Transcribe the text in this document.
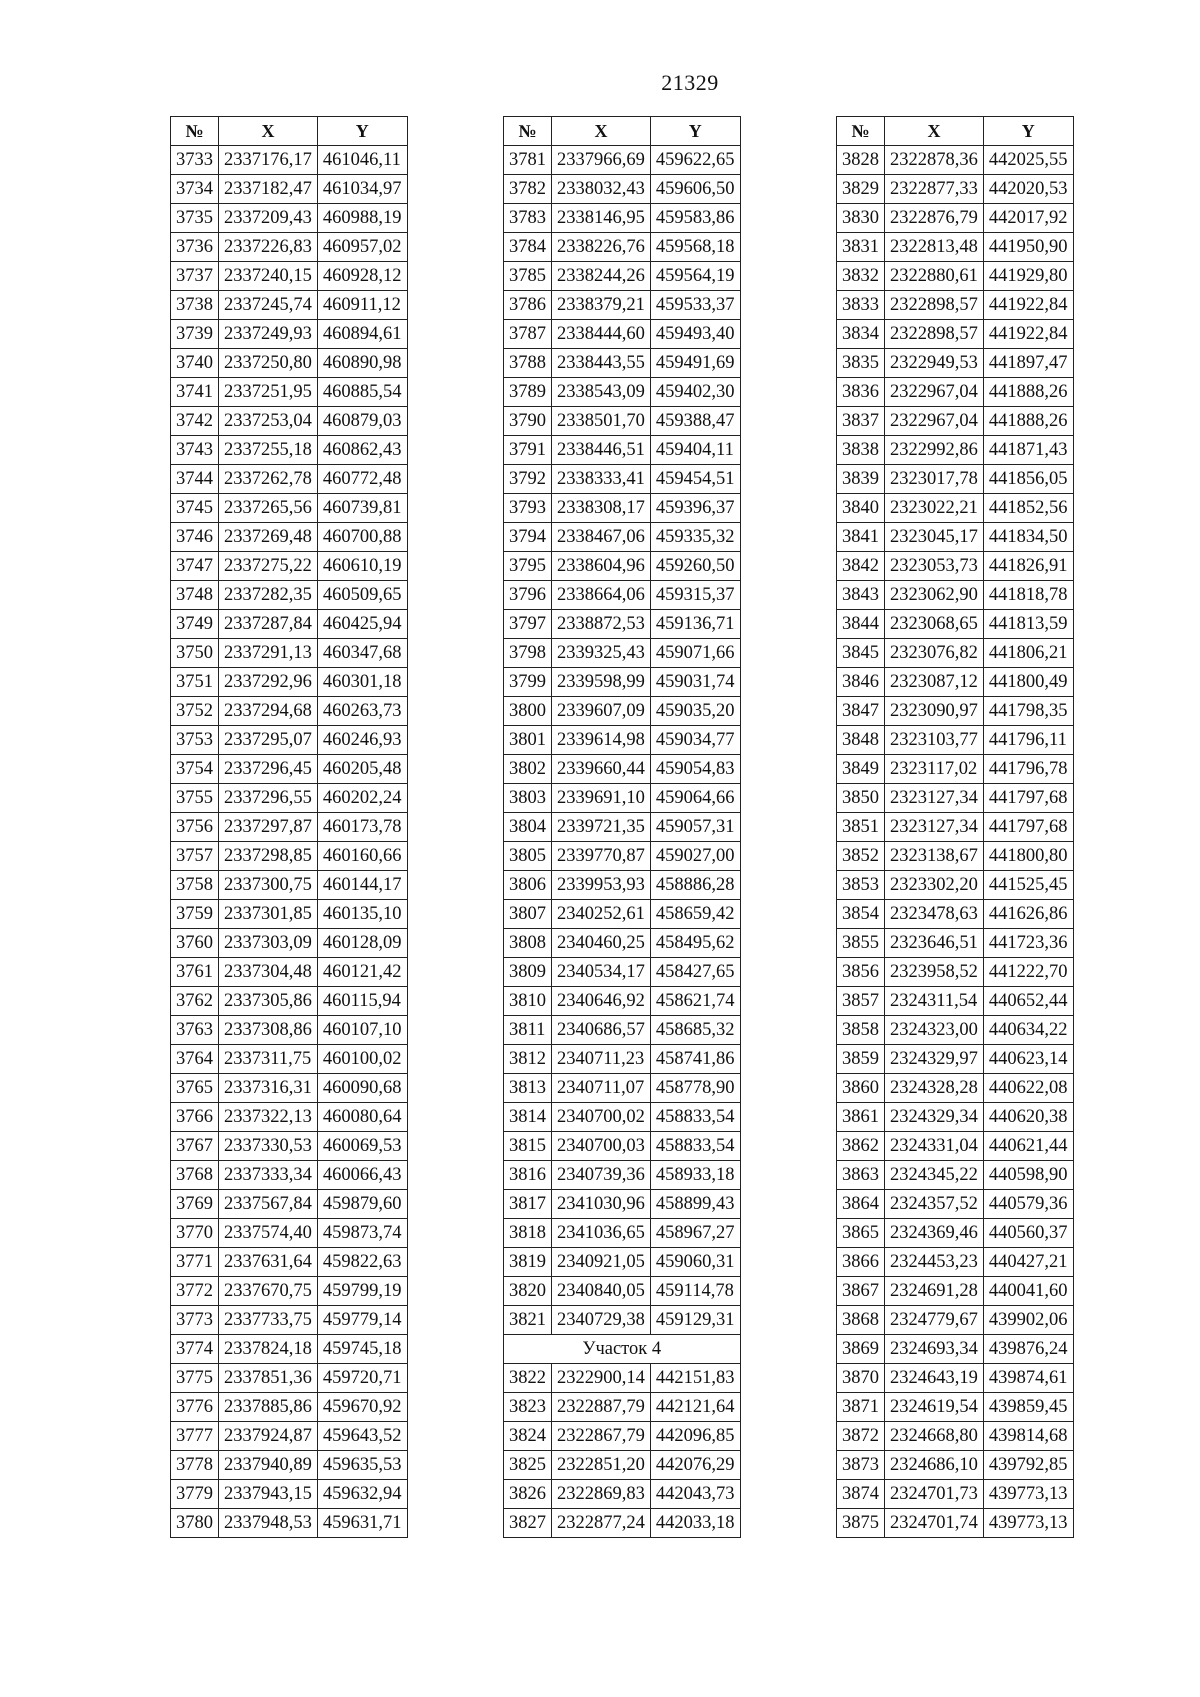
21329
№	X	Y
3733	2337176,17	461046,11
3734	2337182,47	461034,97
3735	2337209,43	460988,19
3736	2337226,83	460957,02
3737	2337240,15	460928,12
3738	2337245,74	460911,12
3739	2337249,93	460894,61
3740	2337250,80	460890,98
3741	2337251,95	460885,54
3742	2337253,04	460879,03
3743	2337255,18	460862,43
3744	2337262,78	460772,48
3745	2337265,56	460739,81
3746	2337269,48	460700,88
3747	2337275,22	460610,19
3748	2337282,35	460509,65
3749	2337287,84	460425,94
3750	2337291,13	460347,68
3751	2337292,96	460301,18
3752	2337294,68	460263,73
3753	2337295,07	460246,93
3754	2337296,45	460205,48
3755	2337296,55	460202,24
3756	2337297,87	460173,78
3757	2337298,85	460160,66
3758	2337300,75	460144,17
3759	2337301,85	460135,10
3760	2337303,09	460128,09
3761	2337304,48	460121,42
3762	2337305,86	460115,94
3763	2337308,86	460107,10
3764	2337311,75	460100,02
3765	2337316,31	460090,68
3766	2337322,13	460080,64
3767	2337330,53	460069,53
3768	2337333,34	460066,43
3769	2337567,84	459879,60
3770	2337574,40	459873,74
3771	2337631,64	459822,63
3772	2337670,75	459799,19
3773	2337733,75	459779,14
3774	2337824,18	459745,18
3775	2337851,36	459720,71
3776	2337885,86	459670,92
3777	2337924,87	459643,52
3778	2337940,89	459635,53
3779	2337943,15	459632,94
3780	2337948,53	459631,71
№	X	Y
3781	2337966,69	459622,65
3782	2338032,43	459606,50
3783	2338146,95	459583,86
3784	2338226,76	459568,18
3785	2338244,26	459564,19
3786	2338379,21	459533,37
3787	2338444,60	459493,40
3788	2338443,55	459491,69
3789	2338543,09	459402,30
3790	2338501,70	459388,47
3791	2338446,51	459404,11
3792	2338333,41	459454,51
3793	2338308,17	459396,37
3794	2338467,06	459335,32
3795	2338604,96	459260,50
3796	2338664,06	459315,37
3797	2338872,53	459136,71
3798	2339325,43	459071,66
3799	2339598,99	459031,74
3800	2339607,09	459035,20
3801	2339614,98	459034,77
3802	2339660,44	459054,83
3803	2339691,10	459064,66
3804	2339721,35	459057,31
3805	2339770,87	459027,00
3806	2339953,93	458886,28
3807	2340252,61	458659,42
3808	2340460,25	458495,62
3809	2340534,17	458427,65
3810	2340646,92	458621,74
3811	2340686,57	458685,32
3812	2340711,23	458741,86
3813	2340711,07	458778,90
3814	2340700,02	458833,54
3815	2340700,03	458833,54
3816	2340739,36	458933,18
3817	2341030,96	458899,43
3818	2341036,65	458967,27
3819	2340921,05	459060,31
3820	2340840,05	459114,78
3821	2340729,38	459129,31
Участок 4		
3822	2322900,14	442151,83
3823	2322887,79	442121,64
3824	2322867,79	442096,85
3825	2322851,20	442076,29
3826	2322869,83	442043,73
3827	2322877,24	442033,18
№	X	Y
3828	2322878,36	442025,55
3829	2322877,33	442020,53
3830	2322876,79	442017,92
3831	2322813,48	441950,90
3832	2322880,61	441929,80
3833	2322898,57	441922,84
3834	2322898,57	441922,84
3835	2322949,53	441897,47
3836	2322967,04	441888,26
3837	2322967,04	441888,26
3838	2322992,86	441871,43
3839	2323017,78	441856,05
3840	2323022,21	441852,56
3841	2323045,17	441834,50
3842	2323053,73	441826,91
3843	2323062,90	441818,78
3844	2323068,65	441813,59
3845	2323076,82	441806,21
3846	2323087,12	441800,49
3847	2323090,97	441798,35
3848	2323103,77	441796,11
3849	2323117,02	441796,78
3850	2323127,34	441797,68
3851	2323127,34	441797,68
3852	2323138,67	441800,80
3853	2323302,20	441525,45
3854	2323478,63	441626,86
3855	2323646,51	441723,36
3856	2323958,52	441222,70
3857	2324311,54	440652,44
3858	2324323,00	440634,22
3859	2324329,97	440623,14
3860	2324328,28	440622,08
3861	2324329,34	440620,38
3862	2324331,04	440621,44
3863	2324345,22	440598,90
3864	2324357,52	440579,36
3865	2324369,46	440560,37
3866	2324453,23	440427,21
3867	2324691,28	440041,60
3868	2324779,67	439902,06
3869	2324693,34	439876,24
3870	2324643,19	439874,61
3871	2324619,54	439859,45
3872	2324668,80	439814,68
3873	2324686,10	439792,85
3874	2324701,73	439773,13
3875	2324701,74	439773,13
